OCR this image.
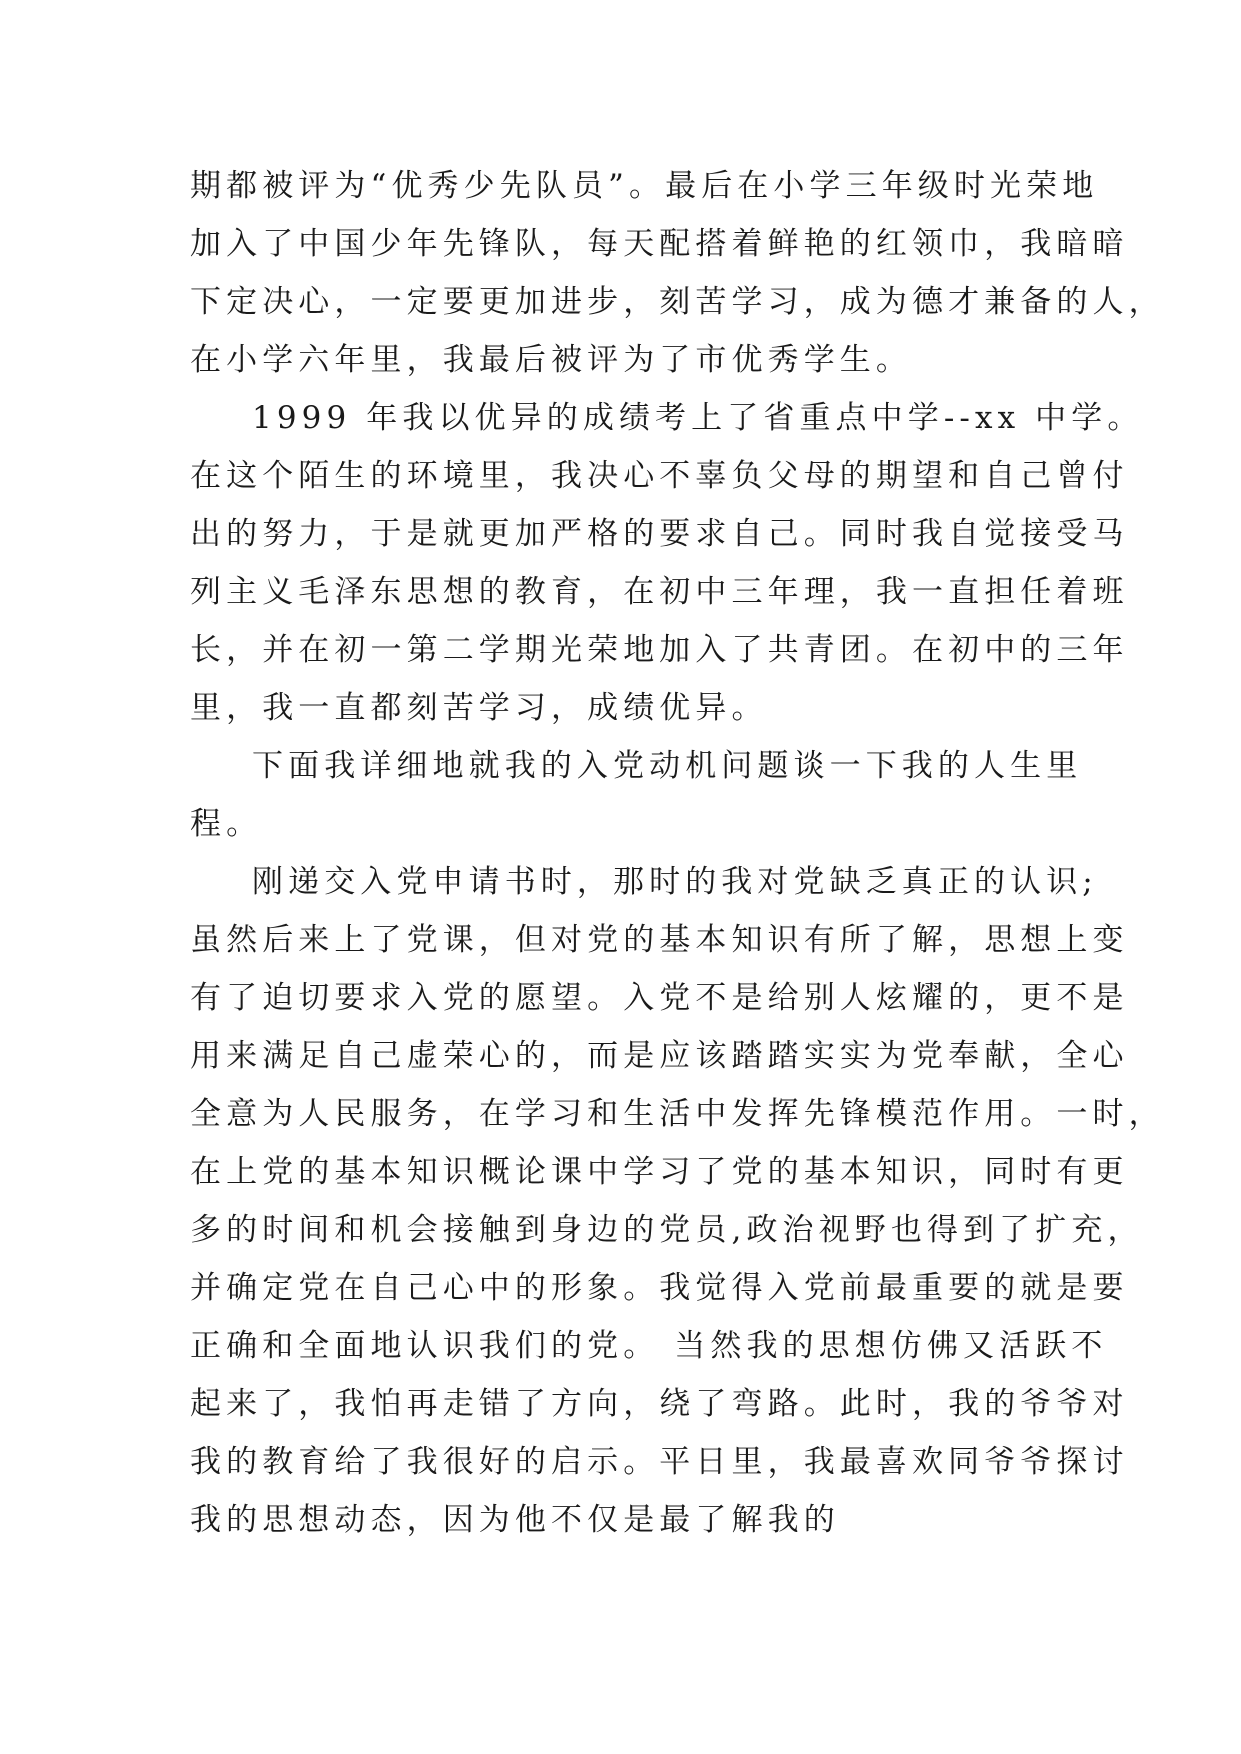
期都被评为“优秀少先队员”。最后在小学三年级时光荣地
加入了中国少年先锋队，每天配搭着鲜艳的红领巾，我暗暗
下定决心，一定要更加进步，刻苦学习，成为德才兼备的人，
在小学六年里，我最后被评为了市优秀学生。
1999 年我以优异的成绩考上了省重点中学--xx 中学。
在这个陌生的环境里，我决心不辜负父母的期望和自己曾付
出的努力，于是就更加严格的要求自己。同时我自觉接受马
列主义毛泽东思想的教育，在初中三年理，我一直担任着班
长，并在初一第二学期光荣地加入了共青团。在初中的三年
里，我一直都刻苦学习，成绩优异。
下面我详细地就我的入党动机问题谈一下我的人生里
程。
刚递交入党申请书时，那时的我对党缺乏真正的认识;
虽然后来上了党课，但对党的基本知识有所了解，思想上变
有了迫切要求入党的愿望。入党不是给别人炫耀的，更不是
用来满足自己虚荣心的，而是应该踏踏实实为党奉献，全心
全意为人民服务，在学习和生活中发挥先锋模范作用。一时，
在上党的基本知识概论课中学习了党的基本知识，同时有更
多的时间和机会接触到身边的党员,政治视野也得到了扩充，
并确定党在自己心中的形象。我觉得入党前最重要的就是要
正确和全面地认识我们的党。 当然我的思想仿佛又活跃不
起来了，我怕再走错了方向，绕了弯路。此时，我的爷爷对
我的教育给了我很好的启示。平日里，我最喜欢同爷爷探讨
我的思想动态，因为他不仅是最了解我的
